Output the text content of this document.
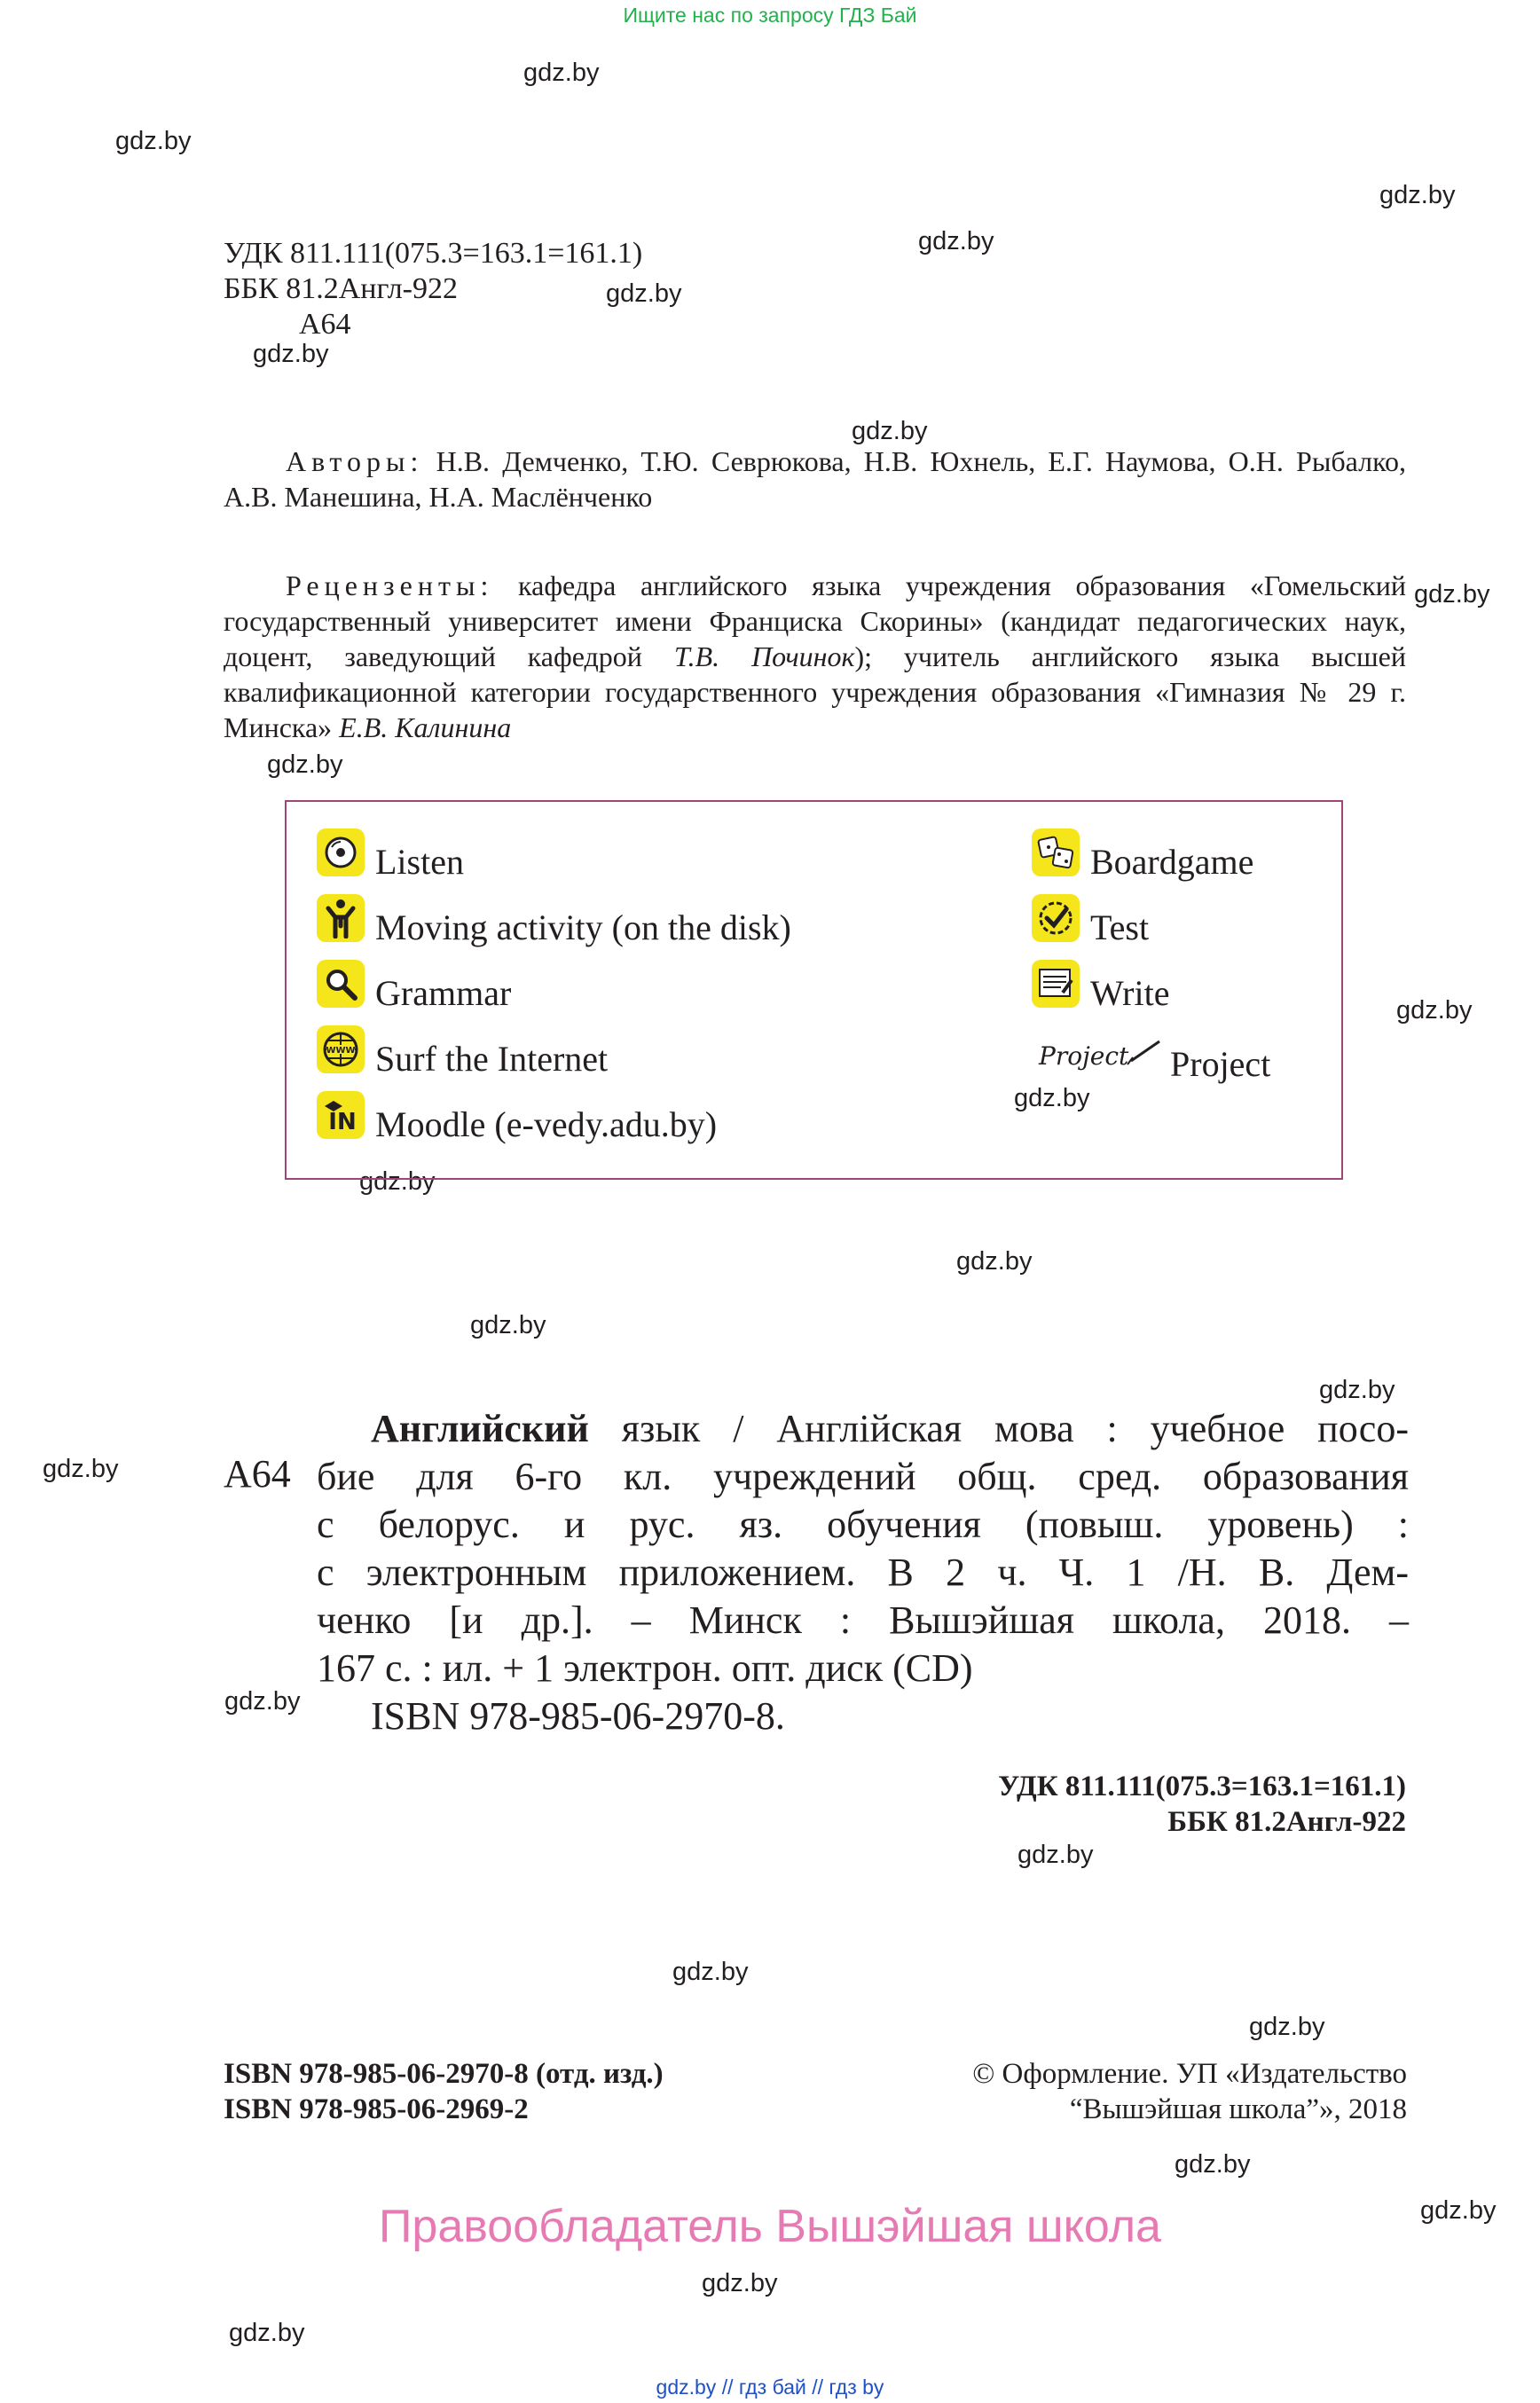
Ищите нас по запросу ГДЗ Бай
gdz.by
gdz.by
gdz.by
gdz.by
gdz.by
gdz.by
gdz.by
gdz.by
gdz.by
gdz.by
gdz.by
gdz.by
gdz.by
gdz.by
gdz.by
gdz.by
gdz.by
gdz.by
gdz.by
gdz.by
gdz.by
gdz.by
gdz.by
gdz.by
УДК 811.111(075.3=163.1=161.1)
ББК 81.2Англ-922
А64
Авторы: Н.В. Демченко, Т.Ю. Севрюкова, Н.В. Юхнель, Е.Г. Наумова, О.Н. Рыбалко, А.В. Манешина, Н.А. Маслёнченко
Рецензенты: кафедра английского языка учреждения образования «Гомельский государственный университет имени Франциска Скорины» (кандидат педагогических наук, доцент, заведующий кафедрой Т.В. Починок); учитель английского языка высшей квалификационной категории государственного учреждения образования «Гимназия № 29 г. Минска» Е.В. Калинина
Listen
Moving activity (on the disk)
Grammar
WWW Surf the Internet
IN Moodle (e-vedy.adu.by)
Boardgame
Test
Write
Project Project
А64
Английский язык / Англійская мова : учебное посо-
бие для 6-го кл. учреждений общ. сред. образования
с белорус. и рус. яз. обучения (повыш. уровень) :
с электронным приложением. В 2 ч. Ч. 1 /Н. В. Дем-
ченко [и др.]. – Минск : Вышэйшая школа, 2018. –
167 с. : ил. + 1 электрон. опт. диск (CD)
ISBN 978-985-06-2970-8.
УДК 811.111(075.3=163.1=161.1)
ББК 81.2Англ-922
ISBN 978-985-06-2970-8 (отд. изд.)
ISBN 978-985-06-2969-2
© Оформление. УП «Издательство
“Вышэйшая школа”», 2018
Правообладатель Вышэйшая школа
gdz.by // гдз бай // гдз by
